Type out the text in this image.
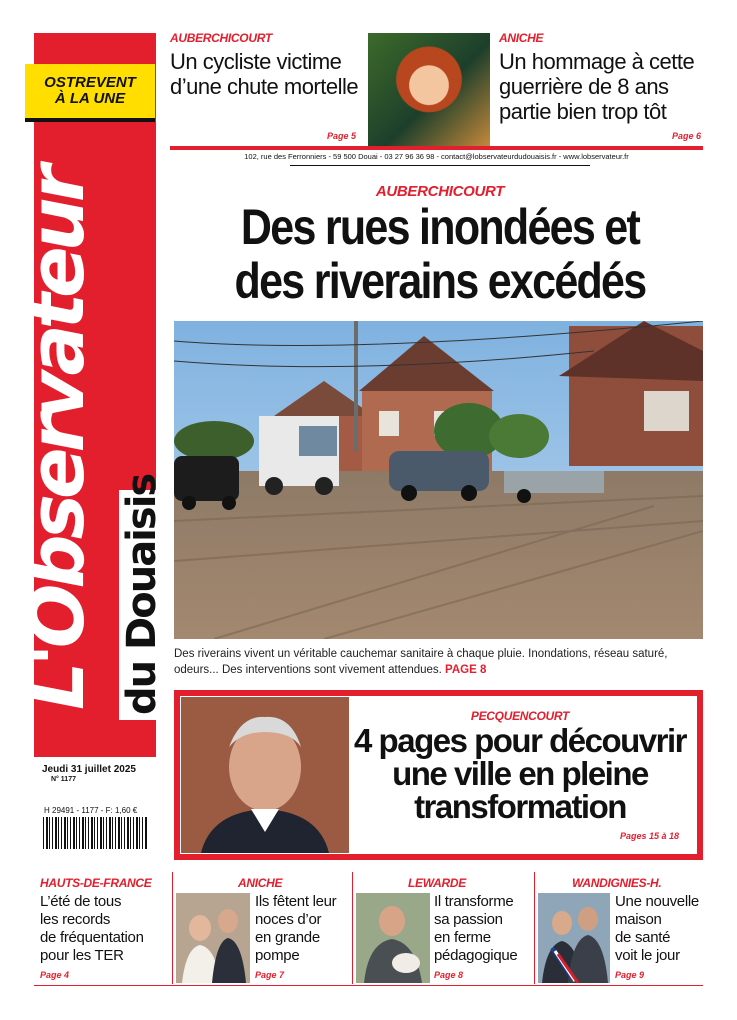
L'Observateur du Douaisis
OSTREVENT
À LA UNE
Jeudi 31 juillet 2025
N° 1177
H 29491 - 1177 - F: 1,60 €
AUBERCHICOURT
Un cycliste victime d’une chute mortelle
Page 5
ANICHE
Un hommage à cette guerrière de 8 ans partie bien trop tôt
Page 6
102, rue des Ferronniers - 59 500 Douai - 03 27 96 36 98 - contact@lobservateurdudouaisis.fr - www.lobservateur.fr
AUBERCHICOURT
Des rues inondées et
des riverains excédés
Des riverains vivent un véritable cauchemar sanitaire à chaque pluie. Inondations, réseau saturé, odeurs... Des interventions sont vivement attendues. PAGE 8
PECQUENCOURT
4 pages pour découvrir
une ville en pleine
transformation
Pages 15 à 18
HAUTS-DE-FRANCE
L’été de tous
les records
de fréquentation
pour les TER
Page 4
ANICHE
Ils fêtent leur
noces d’or
en grande
pompe
Page 7
LEWARDE
Il transforme
sa passion
en ferme
pédagogique
Page 8
WANDIGNIES-H.
Une nouvelle
maison
de santé
voit le jour
Page 9
